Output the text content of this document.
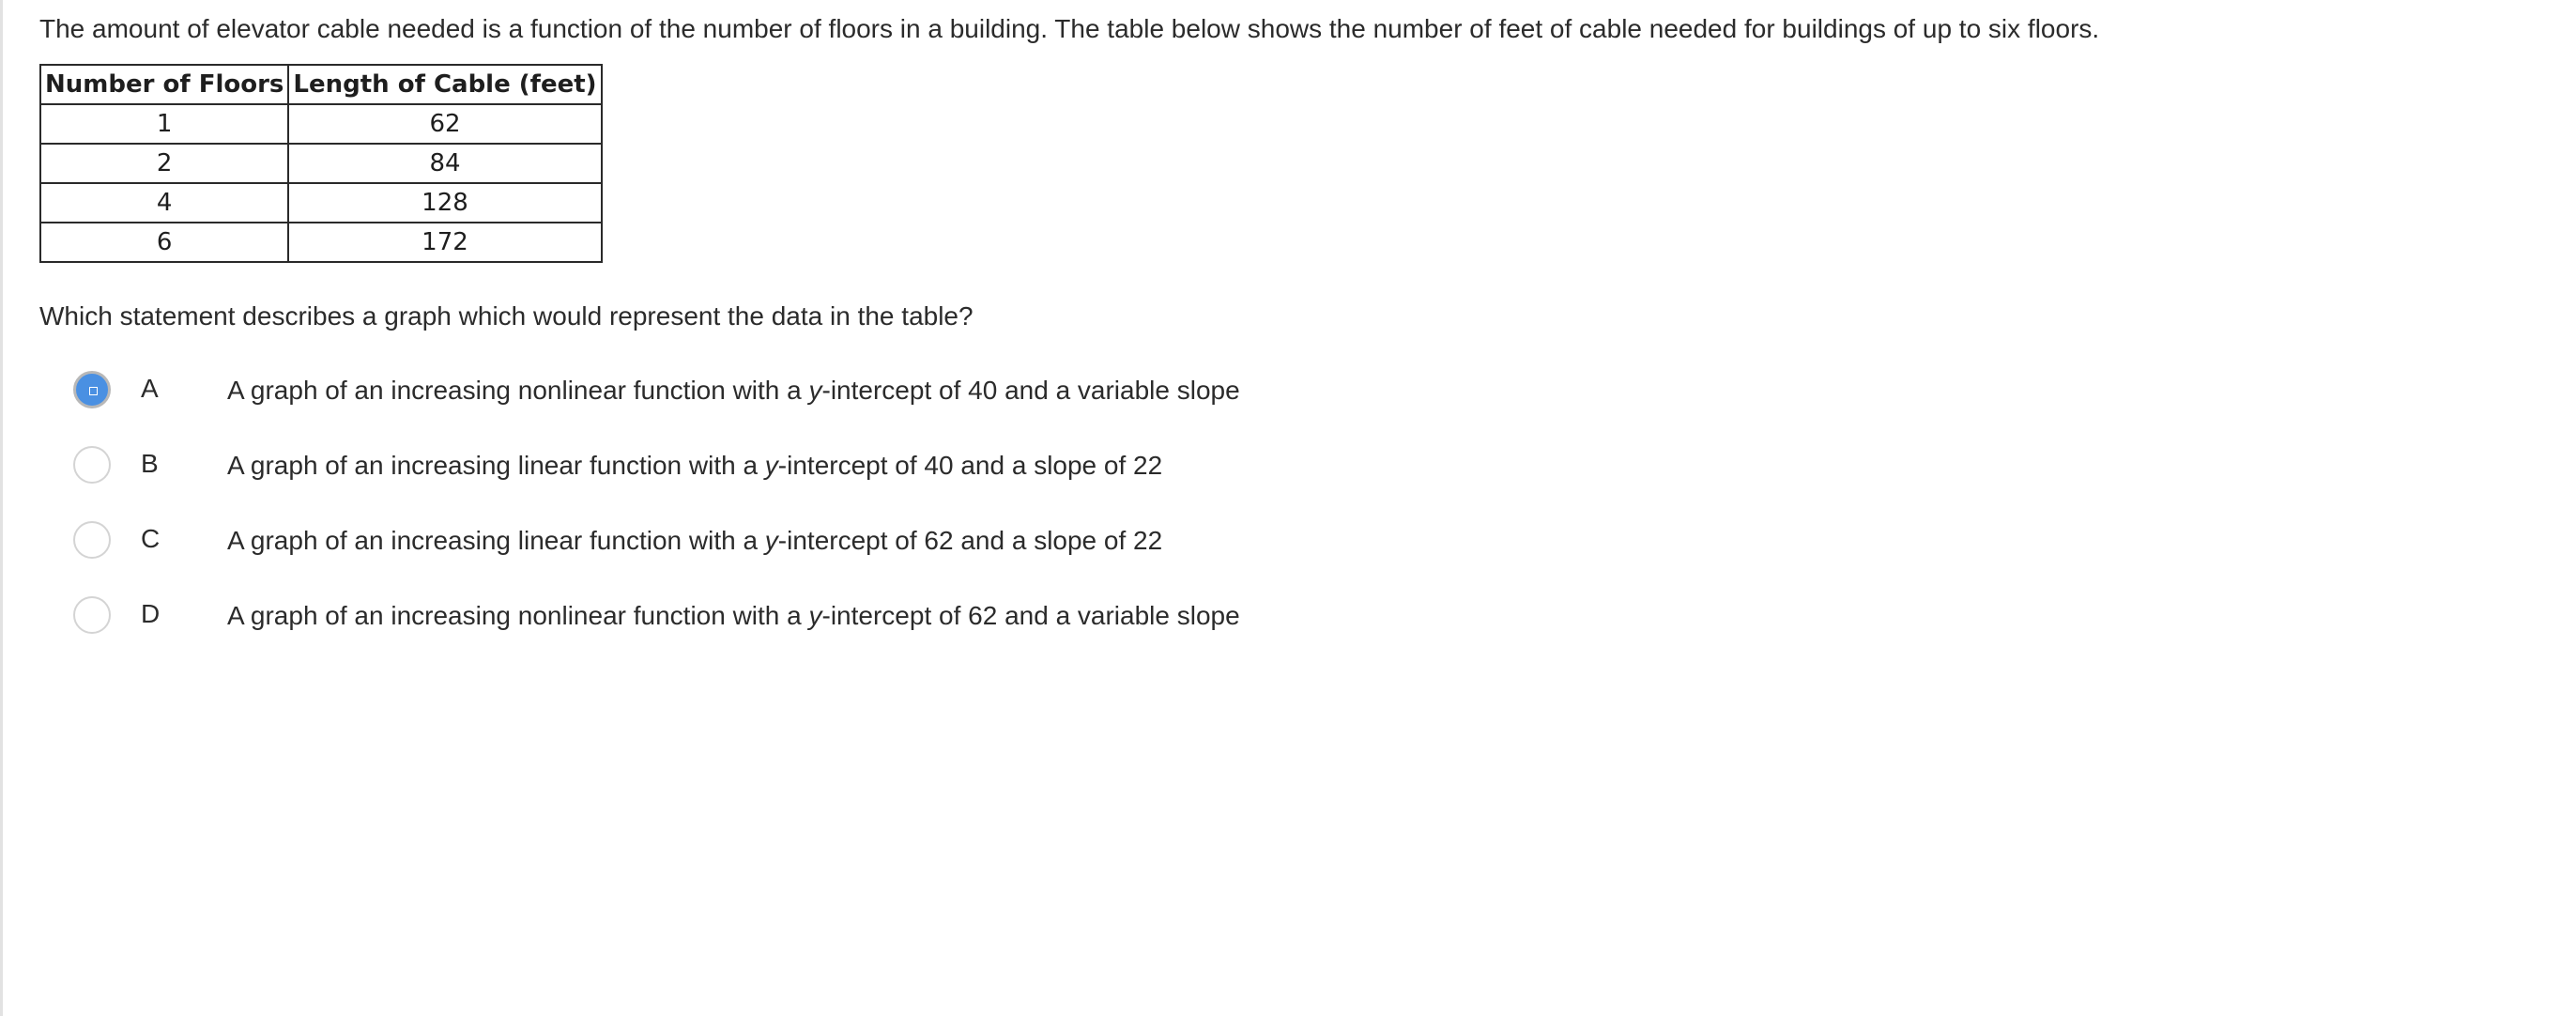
The amount of elevator cable needed is a function of the number of floors in a building. The table below shows the number of feet of cable needed for buildings of up to six floors.
Number of Floors	Length of Cable (feet)
1	62
2	84
4	128
6	172
Which statement describes a graph which would represent the data in the table?
A	A graph of an increasing nonlinear function with a y-intercept of 40 and a variable slope
B	A graph of an increasing linear function with a y-intercept of 40 and a slope of 22
C	A graph of an increasing linear function with a y-intercept of 62 and a slope of 22
D	A graph of an increasing nonlinear function with a y-intercept of 62 and a variable slope
